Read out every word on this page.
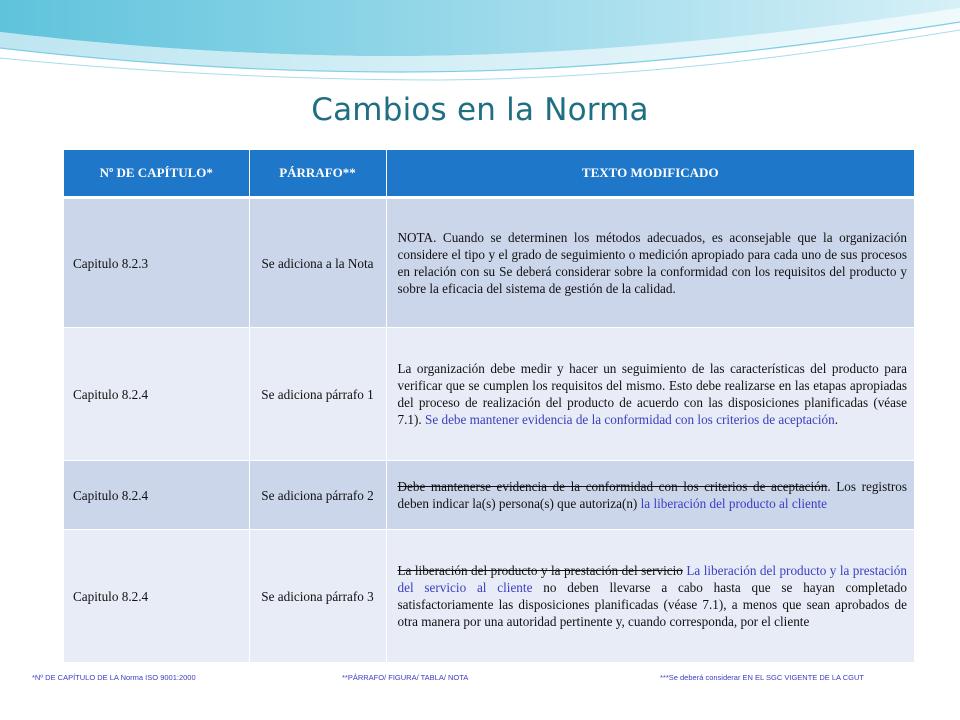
Cambios en la Norma
Nº DE CAPÍTULO*	PÁRRAFO**	TEXTO MODIFICADO
Capitulo 8.2.3	Se adiciona a la Nota	NOTA. Cuando se determinen los métodos adecuados, es aconsejable que la organización considere el tipo y el grado de seguimiento o medición apropiado para cada uno de sus procesos en relación con su Se deberá considerar sobre la conformidad con los requisitos del producto y sobre la eficacia del sistema de gestión de la calidad.
Capitulo 8.2.4	Se adiciona párrafo 1	La organización debe medir y hacer un seguimiento de las características del producto para verificar que se cumplen los requisitos del mismo. Esto debe realizarse en las etapas apropiadas del proceso de realización del producto de acuerdo con las disposiciones planificadas (véase 7.1). Se debe mantener evidencia de la conformidad con los criterios de aceptación.
Capitulo 8.2.4	Se adiciona párrafo 2	Debe mantenerse evidencia de la conformidad con los criterios de aceptación. Los registros deben indicar la(s) persona(s) que autoriza(n) la liberación del producto al cliente
Capitulo 8.2.4	Se adiciona párrafo 3	La liberación del producto y la prestación del servicio La liberación del producto y la prestación del servicio al cliente no deben llevarse a cabo hasta que se hayan completado satisfactoriamente las disposiciones planificadas (véase 7.1), a menos que sean aprobados de otra manera por una autoridad pertinente y, cuando corresponda, por el cliente
*Nº DE CAPÍTULO DE LA Norma ISO 9001:2000	**PÁRRAFO/ FIGURA/ TABLA/ NOTA	***Se deberá considerar EN EL SGC VIGENTE DE LA CGUT
